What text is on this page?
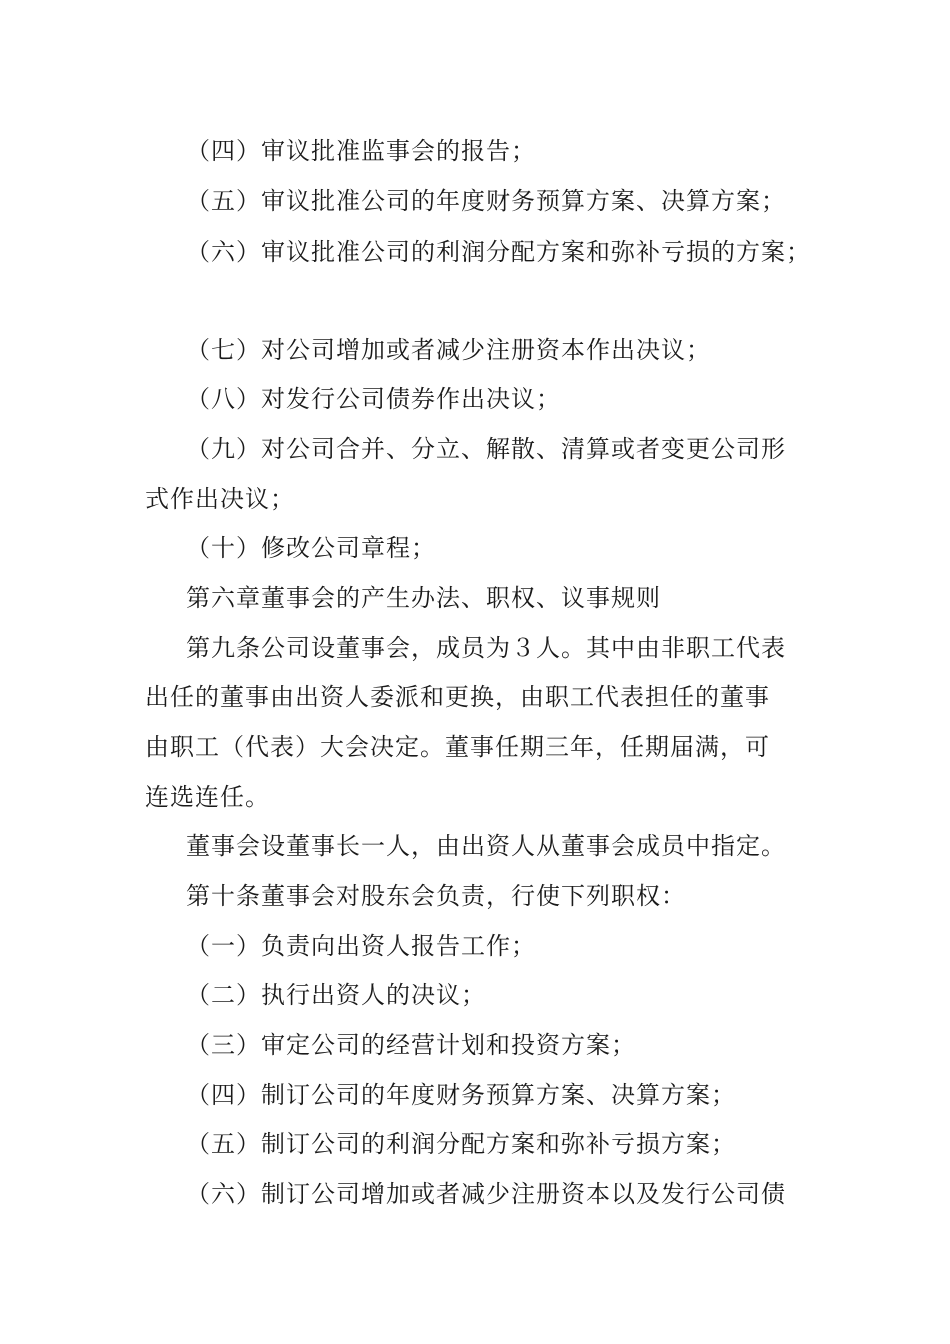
（四）审议批准监事会的报告；
（五）审议批准公司的年度财务预算方案、决算方案；
（六）审议批准公司的利润分配方案和弥补亏损的方案；
（七）对公司增加或者减少注册资本作出决议；
（八）对发行公司债券作出决议；
（九）对公司合并、分立、解散、清算或者变更公司形
式作出决议；
（十）修改公司章程；
第六章董事会的产生办法、职权、议事规则
第九条公司设董事会，成员为３人。其中由非职工代表
出任的董事由出资人委派和更换，由职工代表担任的董事
由职工（代表）大会决定。董事任期三年，任期届满，可
连选连任。
董事会设董事长一人，由出资人从董事会成员中指定。
第十条董事会对股东会负责，行使下列职权：
（一）负责向出资人报告工作；
（二）执行出资人的决议；
（三）审定公司的经营计划和投资方案；
（四）制订公司的年度财务预算方案、决算方案；
（五）制订公司的利润分配方案和弥补亏损方案；
（六）制订公司增加或者减少注册资本以及发行公司债
